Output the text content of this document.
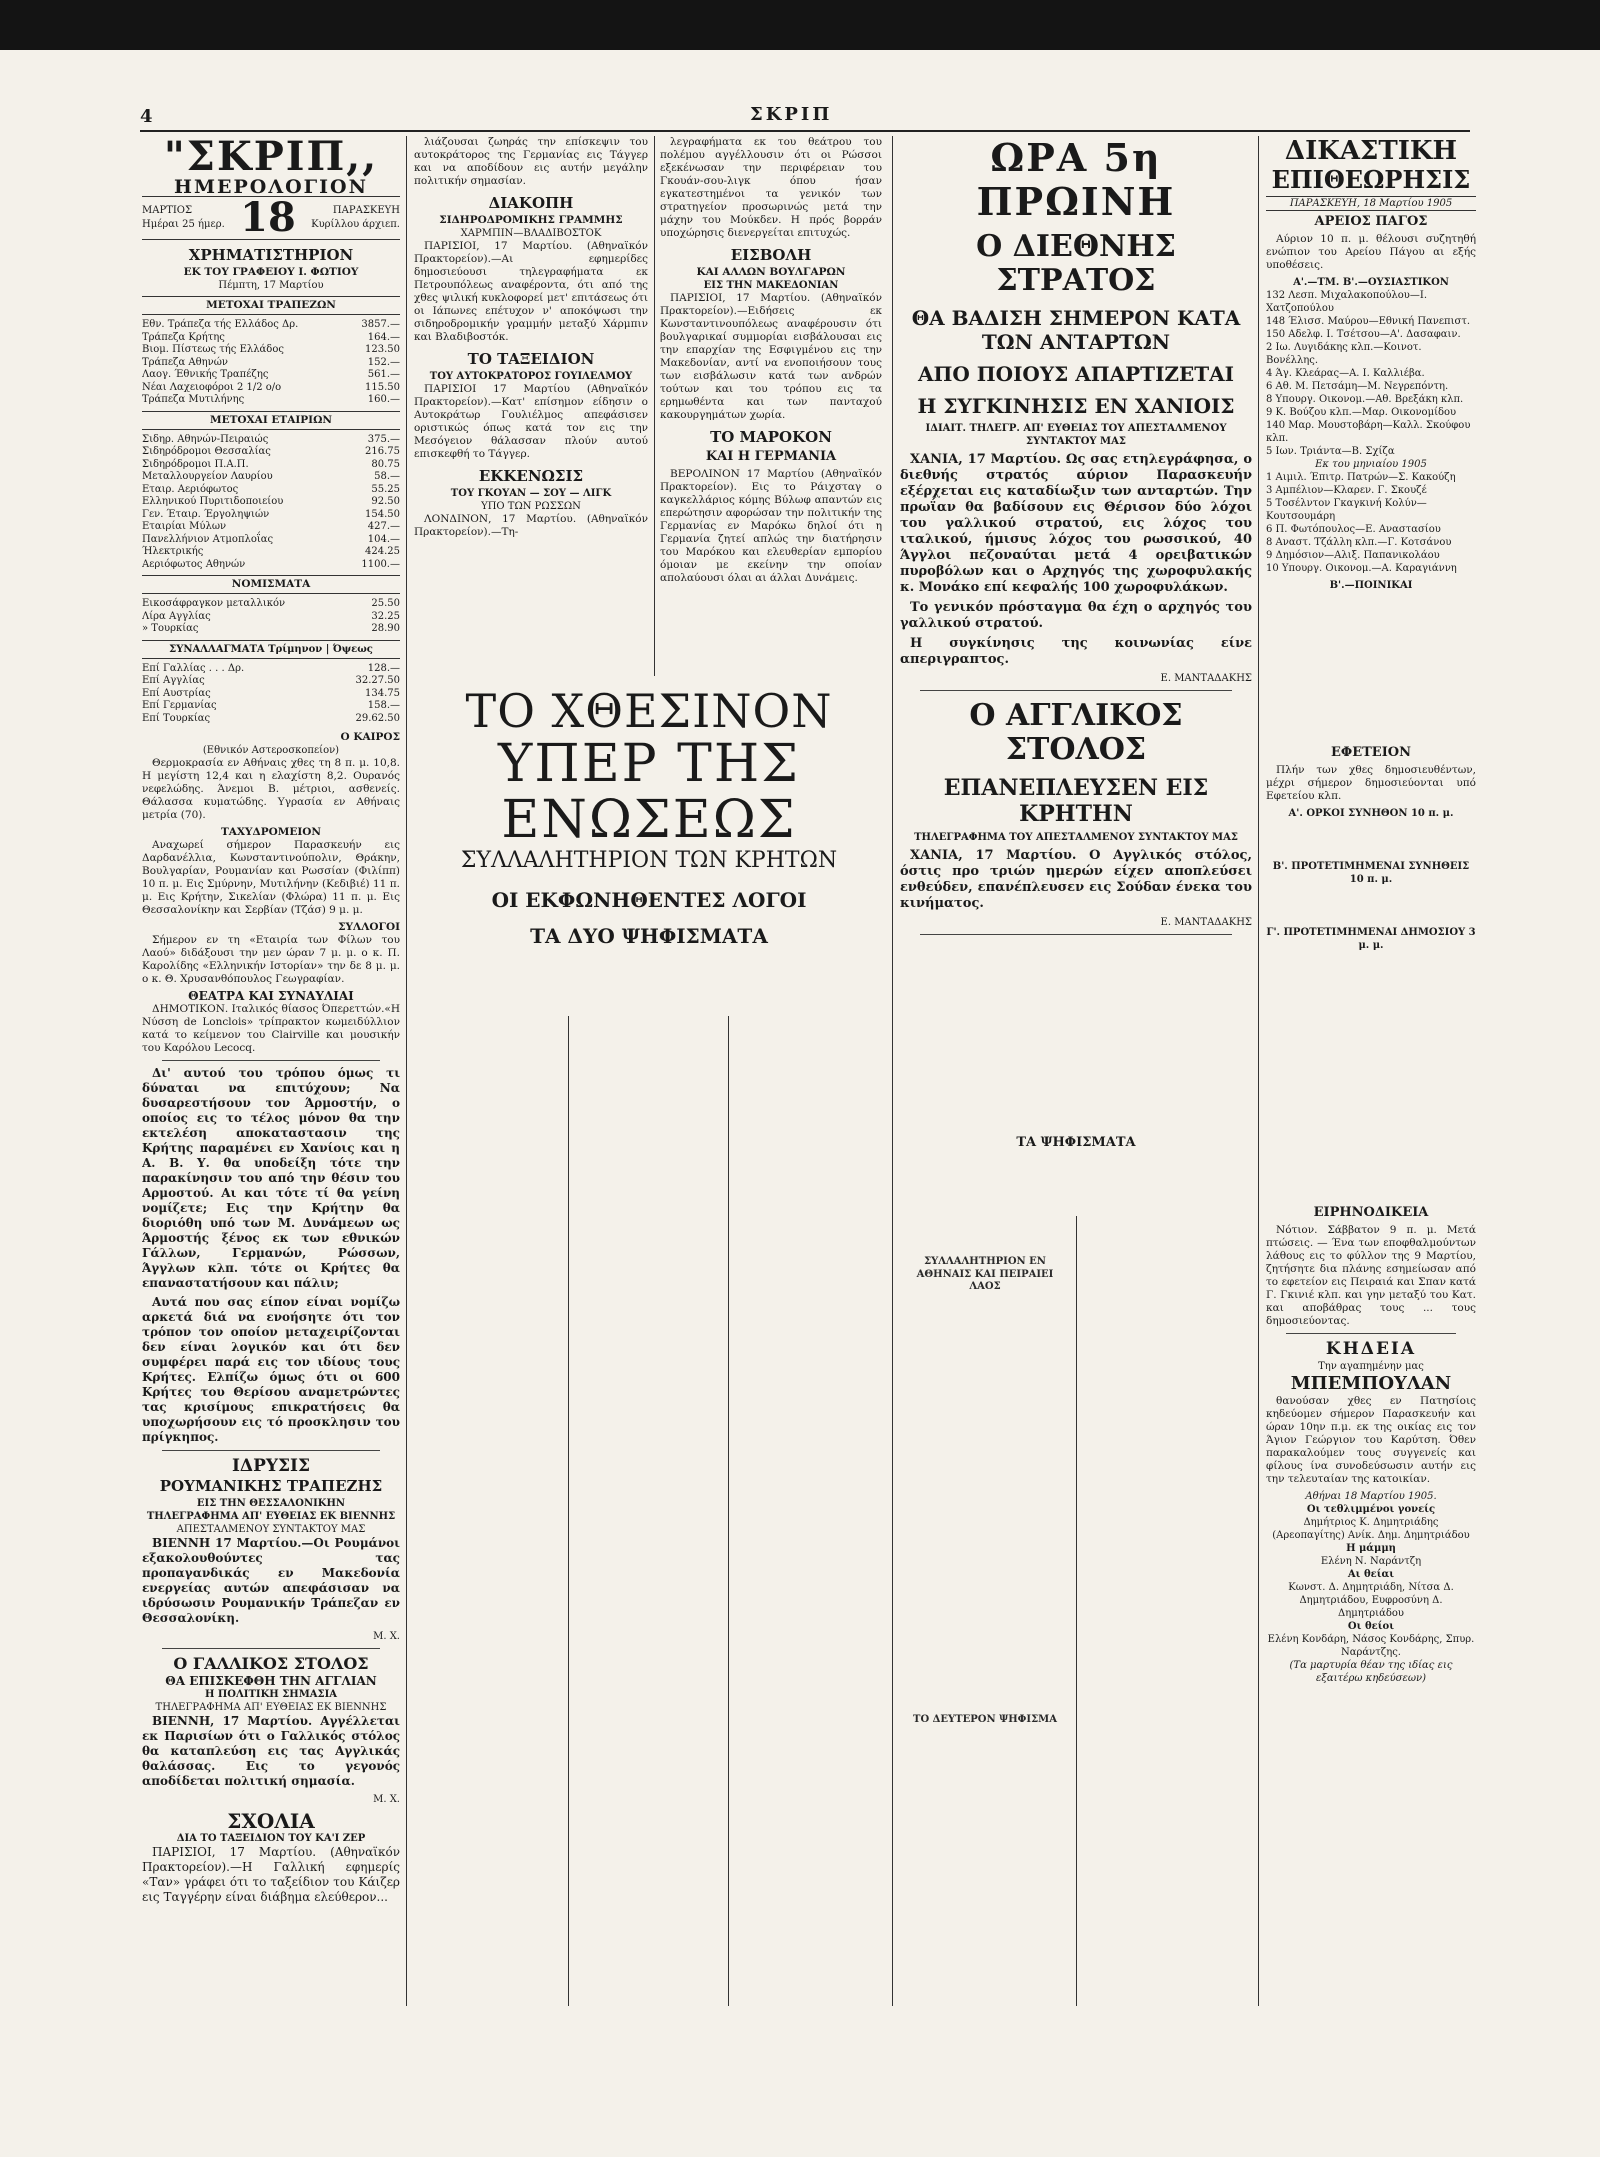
4	ΣΚΡΙΠ
"ΣΚΡΙΠ,,
ΗΜΕΡΟΛΟΓΙΟΝ
ΜΑΡΤΙΟΣ
Ημέραι 25 ήμερ. 18	ΠΑΡΑΣΚΕΥΗ
Κυρίλλου άρχιεπ.
ΧΡΗΜΑΤΙΣΤΗΡΙΟΝ
ΕΚ ΤΟΥ ΓΡΑΦΕΙΟΥ Ι. ΦΩΤΙΟΥ
Πέμπτη, 17 Μαρτίου
ΜΕΤΟΧΑΙ ΤΡΑΠΕΖΩΝ
Εθν. Τράπεζα τής Ελλάδος Δρ.	3857.—
Τράπεζα Κρήτης	164.—
Βιομ. Πίστεως τής Ελλάδος	123.50
Τράπεζα Αθηνών	152.—
Λαογ. Έθνικής Τραπέζης	561.—
Νέαι Λαχειοφόροι 2 1/2 ο/ο	115.50
Τράπεζα Μυτιλήνης	160.—
ΜΕΤΟΧΑΙ ΕΤΑΙΡΙΩΝ
Σιδηρ. Αθηνών-Πειραιώς	375.—
Σιδηρόδρομοι Θεσσαλίας	216.75
Σιδηρόδρομοι Π.Α.Π.	80.75
Μεταλλουργείον Λαυρίου	58.—
Εταιρ. Αεριόφωτος	55.25
Ελληνικού Πυριτιδοποιείου	92.50
Γεν. Έταιρ. Έργοληψιών	154.50
Εταιρίαι Μύλων	427.—
Πανελλήνιον Ατμοπλοΐας	104.—
Ήλεκτρικής	424.25
Αεριόφωτος Αθηνών	1100.—
ΝΟΜΙΣΜΑΤΑ
Εικοσάφραγκον μεταλλικόν	25.50
Λίρα Αγγλίας	32.25
» Τουρκίας	28.90
ΣΥΝΑΛΛΑΓΜΑΤΑ Τρίμηνον | Όψεως
Επί Γαλλίας . . . Δρ.	128.—
Επί Αγγλίας	32.27.50
Επί Αυστρίας	134.75
Επί Γερμανίας	158.—
Επί Τουρκίας	29.62.50
Ο ΚΑΙΡΟΣ
(Εθνικόν Αστεροσκοπείον)

Θερμοκρασία εν Αθήναις χθες τη 8 π. μ. 10,8. Η μεγίστη 12,4 και η ελαχίστη 8,2. Ουρανός νεφελώδης. Άνεμοι Β. μέτριοι, ασθενείς. Θάλασσα κυματώδης. Υγρασία εν Αθήναις μετρία (70).

ΤΑΧΥΔΡΟΜΕΙΟΝ

Αναχωρεί σήμερον Παρασκευήν εις Δαρδανέλλια, Κωνσταντινούπολιν, Θράκην, Βουλγαρίαν, Ρουμανίαν και Ρωσσίαν (Φιλίππ) 10 π. μ. Εις Σμύρνην, Μυτιλήνην (Κεδιβιέ) 11 π. μ. Εις Κρήτην, Σικελίαν (Φλώρα) 11 π. μ. Εις Θεσσαλονίκην και Σερβίαν (Τζάσ) 9 μ. μ.

ΣΥΛΛΟΓΟΙ

Σήμερον εν τη «Εταιρία των Φίλων του Λαού» διδάξουσι την μεν ώραν 7 μ. μ. ο κ. Π. Καρολίδης «Ελληνικήν Ιστορίαν» την δε 8 μ. μ. ο κ. Θ. Χρυσανθόπουλος Γεωγραφίαν.

ΘΕΑΤΡΑ ΚΑΙ ΣΥΝΑΥΛΙΑΙ

ΔΗΜΟΤΙΚΟΝ. Ιταλικός θίασος Όπερεττών.«Η Νύσση de Lonclois» τρίπρακτον κωμειδύλλιον κατά το κείμενον του Clairville και μουσικήν του Καρόλου Lecocq.

Δι' αυτού του τρόπου όμως τι δύναται να επιτύχουν; Να δυσαρεστήσουν τον Άρμοστήν, ο οποίος εις το τέλος μόνον θα την εκτελέση αποκαταστασιν της Κρήτης παραμένει εν Χανίοις και η Α. Β. Υ. θα υποδείξη τότε την παρακίνησιν του από την θέσιν του Αρμοστού. Αι και τότε τί θα γείνη νομίζετε; Εις την Κρήτην θα διοριόθη υπό των Μ. Δυνάμεων ως Άρμοστής ξένος εκ των εθνικών Γάλλων, Γερμανών, Ρώσσων, Άγγλων κλπ. τότε οι Κρήτες θα επαναστατήσουν και πάλιν;

Αυτά που σας είπον είναι νομίζω αρκετά διά να ενοήσητε ότι τον τρόπον τον οποίον μεταχειρίζονται δεν είναι λογικόν και ότι δεν συμφέρει παρά εις τον ιδίους τους Κρήτες. Ελπίζω όμως ότι οι 600 Κρήτες του Θερίσου αναμετρώντες τας κρισίμους επικρατήσεις θα υποχωρήσουν εις τό προσκλησιν του πρίγκηπος.

ΙΔΡΥΣΙΣ
ΡΟΥΜΑΝΙΚΗΣ ΤΡΑΠΕΖΗΣ
ΕΙΣ ΤΗΝ ΘΕΣΣΑΛΟΝΙΚΗΝ
ΤΗΛΕΓΡΑΦΗΜΑ ΑΠ' ΕΥΘΕΙΑΣ ΕΚ ΒΙΕΝΝΗΣ
ΑΠΕΣΤΑΛΜΕΝΟΥ ΣΥΝΤΑΚΤΟΥ ΜΑΣ

ΒΙΕΝΝΗ 17 Μαρτίου.—Οι Ρουμάνοι εξακολουθούντες τας προπαγανδικάς εν Μακεδονία ενεργείας αυτών απεφάσισαν να ιδρύσωσιν Ρουμανικήν Τράπεζαν εν Θεσσαλονίκη.

Μ. Χ.
Ο ΓΑΛΛΙΚΟΣ ΣΤΟΛΟΣ
ΘΑ ΕΠΙΣΚΕΦΘΗ ΤΗΝ ΑΓΓΛΙΑΝ
Η ΠΟΛΙΤΙΚΗ ΣΗΜΑΣΙΑ
ΤΗΛΕΓΡΑΦΗΜΑ ΑΠ' ΕΥΘΕΙΑΣ ΕΚ ΒΙΕΝΝΗΣ

ΒΙΕΝΝΗ, 17 Μαρτίου. Αγγέλλεται εκ Παρισίων ότι ο Γαλλικός στόλος θα καταπλεύση εις τας Αγγλικάς θαλάσσας. Εις το γεγονός αποδίδεται πολιτική σημασία.

Μ. Χ.
ΣΧΟΛΙΑ
ΔΙΑ ΤΟ ΤΑΞΕΙΔΙΟΝ ΤΟΥ ΚΑ'Ι ΖΕΡ

ΠΑΡΙΣΙΟΙ, 17 Μαρτίου. (Αθηναϊκόν Πρακτορείον).—Η Γαλλική εφημερίς «Ταν» γράφει ότι το ταξείδιον του Κάιζερ εις Ταγγέρην είναι διάβημα ελεύθερον...

λιάζουσαι ζωηράς την επίσκεψιν του αυτοκράτορος της Γερμανίας εις Τάγγερ και να αποδίδουν εις αυτήν μεγάλην πολιτικήν σημασίαν.

ΔΙΑΚΟΠΗ
ΣΙΔΗΡΟΔΡΟΜΙΚΗΣ ΓΡΑΜΜΗΣ
ΧΑΡΜΠΙΝ—ΒΛΑΔΙΒΟΣΤΟΚ

ΠΑΡΙΣΙΟΙ, 17 Μαρτίου. (Αθηναϊκόν Πρακτορείον).—Αι εφημερίδες δημοσιεύουσι τηλεγραφήματα εκ Πετρουπόλεως αναφέροντα, ότι από της χθες ψιλική κυκλοφορεί μετ' επιτάσεως ότι οι Ιάπωνες επέτυχον ν' αποκόψωσι την σιδηροδρομικήν γραμμήν μεταξύ Χάρμπιν και Βλαδιβοστόκ.

ΤΟ ΤΑΞΕΙΔΙΟΝ
ΤΟΥ ΑΥΤΟΚΡΑΤΟΡΟΣ ΓΟΥΙΛΕΛΜΟΥ

ΠΑΡΙΣΙΟΙ 17 Μαρτίου (Αθηναϊκόν Πρακτορείον).—Κατ' επίσημον είδησιν ο Αυτοκράτωρ Γουλιέλμος απεφάσισεν οριστικώς όπως κατά τον εις την Μεσόγειον θάλασσαν πλούν αυτού επισκεφθή το Τάγγερ.

ΕΚΚΕΝΩΣΙΣ
ΤΟΥ ΓΚΟΥΑΝ — ΣΟΥ — ΛΙΓΚ
ΥΠΟ ΤΩΝ ΡΩΣΣΩΝ

ΛΟΝΔΙΝΟΝ, 17 Μαρτίου. (Αθηναϊκόν Πρακτορείον).—Τη-

λεγραφήματα εκ του θεάτρου του πολέμου αγγέλλουσιν ότι οι Ρώσσοι εξεκένωσαν την περιφέρειαν του Γκουάν-σου-λιγκ όπου ήσαν εγκατεστημένοι τα γενικόν των στρατηγείον προσωρινώς μετά την μάχην του Μούκδεν. Η πρός βορράν υποχώρησις διενεργείται επιτυχώς.

ΕΙΣΒΟΛΗ
ΚΑΙ ΑΛΛΩΝ ΒΟΥΛΓΑΡΩΝ
ΕΙΣ ΤΗΝ ΜΑΚΕΔΟΝΙΑΝ

ΠΑΡΙΣΙΟΙ, 17 Μαρτίου. (Αθηναϊκόν Πρακτορείον).—Ειδήσεις εκ Κωνσταντινουπόλεως αναφέρουσιν ότι βουλγαρικαί συμμορίαι εισβάλουσαι εις την επαρχίαν της Εσφιγμένου εις την Μακεδονίαν, αντί να ενοποιήσουν τους των εισβάλωσιν κατά των ανδρών τούτων και του τρόπου εις τα ερημωθέντα και των πανταχού κακουργημάτων χωρία.

ΤΟ ΜΑΡΟΚΟΝ
ΚΑΙ Η ΓΕΡΜΑΝΙΑ

ΒΕΡΟΛΙΝΟΝ 17 Μαρτίου (Αθηναϊκόν Πρακτορείον). Εις το Ράιχσταγ ο καγκελλάριος κόμης Βύλωφ απαντών εις επερώτησιν αφορώσαν την πολιτικήν της Γερμανίας εν Μαρόκω δηλοί ότι η Γερμανία ζητεί απλώς την διατήρησιν του Μαρόκου και ελευθερίαν εμπορίου όμοιαν με εκείνην την οποίαν απολαύουσι όλαι αι άλλαι Δυνάμεις.

ΤΟ ΧΘΕΣΙΝΟΝ
ΥΠΕΡ ΤΗΣ ΕΝΩΣΕΩΣ
ΣΥΛΛΑΛΗΤΗΡΙΟΝ ΤΩΝ ΚΡΗΤΩΝ
ΟΙ ΕΚΦΩΝΗΘΕΝΤΕΣ ΛΟΓΟΙ
ΤΑ ΔΥΟ ΨΗΦΙΣΜΑΤΑ
ΩΡΑ 5η ΠΡΩΙΝΗ
Ο ΔΙΕΘΝΗΣ ΣΤΡΑΤΟΣ
ΘΑ ΒΑΔΙΣΗ ΣΗΜΕΡΟΝ ΚΑΤΑ ΤΩΝ ΑΝΤΑΡΤΩΝ
ΑΠΟ ΠΟΙΟΥΣ ΑΠΑΡΤΙΖΕΤΑΙ
Η ΣΥΓΚΙΝΗΣΙΣ ΕΝ ΧΑΝΙΟΙΣ
ΙΔΙΑΙΤ. ΤΗΛΕΓΡ. ΑΠ' ΕΥΘΕΙΑΣ ΤΟΥ ΑΠΕΣΤΑΛΜΕΝΟΥ ΣΥΝΤΑΚΤΟΥ ΜΑΣ

ΧΑΝΙΑ, 17 Μαρτίου. Ως σας ετηλεγράφησα, ο διεθνής στρατός αύριον Παρασκευήν εξέρχεται εις καταδίωξιν των ανταρτών. Την πρωΐαν θα βαδίσουν εις Θέρισον δύο λόχοι του γαλλικού στρατού, εις λόχος του ιταλικού, ήμισυς λόχος του ρωσσικού, 40 Άγγλοι πεζοναύται μετά 4 ορειβατικών πυροβόλων και ο Αρχηγός της χωροφυλακής κ. Μονάκο επί κεφαλής 100 χωροφυλάκων.

Το γενικόν πρόσταγμα θα έχη ο αρχηγός του γαλλικού στρατού.

Η συγκίνησις της κοινωνίας είνε απεριγραπτος.

Ε. ΜΑΝΤΑΔΑΚΗΣ
Ο ΑΓΓΛΙΚΟΣ ΣΤΟΛΟΣ
ΕΠΑΝΕΠΛΕΥΣΕΝ ΕΙΣ ΚΡΗΤΗΝ
ΤΗΛΕΓΡΑΦΗΜΑ ΤΟΥ ΑΠΕΣΤΑΛΜΕΝΟΥ ΣΥΝΤΑΚΤΟΥ ΜΑΣ

ΧΑΝΙΑ, 17 Μαρτίου. Ο Αγγλικός στόλος, όστις προ τριών ημερών είχεν αποπλεύσει ενθεύδεν, επανέπλευσεν εις Σούδαν ένεκα του κινήματος.

Ε. ΜΑΝΤΑΔΑΚΗΣ
ΤΑ ΨΗΦΙΣΜΑΤΑ
ΣΥΛΛΑΛΗΤΗΡΙΟΝ ΕΝ ΑΘΗΝΑΙΣ ΚΑΙ ΠΕΙΡΑΙΕΙ ΛΑΟΣ
ΤΟ ΔΕΥΤΕΡΟΝ ΨΗΦΙΣΜΑ
ΔΙΚΑΣΤΙΚΗ
ΕΠΙΘΕΩΡΗΣΙΣ
ΠΑΡΑΣΚΕΥΗ, 18 Μαρτίου 1905
ΑΡΕΙΟΣ ΠΑΓΟΣ

Αύριον 10 π. μ. θέλουσι συζητηθή ενώπιον του Αρείου Πάγου αι εξής υποθέσεις.

Α'.—ΤΜ. Β'.—ΟΥΣΙΑΣΤΙΚΟΝ
132 Λεσπ. Μιχαλακοπούλου—Ι. Χατζοπούλου
148 Έλισσ. Μαύρου—Εθνική Πανεπιστ.
150 Αδελφ. Ι. Τσέτσου—Α'. Δασαφαιν.
2 Ιω. Λυγιδάκης κλπ.—Κοινοτ. Βονέλλης.
4 Άγ. Κλεάρας—Α. Ι. Καλλιέβα.
6 Αθ. Μ. Πετσάμη—Μ. Νεγρεπόντη.
8 Υπουργ. Οικονομ.—Αθ. Βρεξάκη κλπ.
9 Κ. Βούζου κλπ.—Μαρ. Οικονομίδου
140 Μαρ. Μουστοβάρη—Καλλ. Σκούφου κλπ.
5 Ιων. Τριάντα—Β. Σχίζα
Εκ του μηνιαίου 1905
1 Αιμιλ. Έπιτρ. Πατρών—Σ. Κακούζη
3 Αμπέλιον—Κλαρεν. Γ. Σκουζέ
5 Τοσέλντον Γκαγκινή Κολύν—Κουτσουμάρη
6 Π. Φωτόπουλος—Ε. Αναστασίου
8 Αναστ. Τζάλλη κλπ.—Γ. Κοτσάνου
9 Δημόσιον—Αλιξ. Παπανικολάου
10 Υπουργ. Οικονομ.—Α. Καραγιάννη
Β'.—ΠΟΙΝΙΚΑΙ
ΕΦΕΤΕΙΟΝ

Πλήν των χθες δημοσιευθέντων, μέχρι σήμερον δημοσιεύονται υπό Εφετείου κλπ.

Α'. ΟΡΚΟΙ ΣΥΝΗΘΟΝ 10 π. μ.
Β'. ΠΡΟΤΕΤΙΜΗΜΕΝΑΙ ΣΥΝΗΘΕΙΣ 10 π. μ.
Γ'. ΠΡΟΤΕΤΙΜΗΜΕΝΑΙ ΔΗΜΟΣΙΟΥ 3 μ. μ.
ΕΙΡΗΝΟΔΙΚΕΙΑ

Νότιον. Σάββατον 9 π. μ. Μετά πτώσεις. — Ένα των εποφθαλμούντων λάθους εις το φύλλον της 9 Μαρτίου, ζητήσητε δια πλάνης εσημείωσαν από το εφετείον εις Πειραιά και Σπαν κατά Γ. Γκινιέ κλπ. και γην μεταξύ του Κατ. και αποβάθρας τους ... τους δημοσιεύοντας.

ΚΗΔΕΙΑ
Την αγαπημένην μας
ΜΠΕΜΠΟΥΛΑΝ

θανούσαν χθες εν Πατησίοις κηδεύομεν σήμερον Παρασκευήν και ώραν 10ην π.μ. εκ της οικίας εις τον Άγιον Γεώργιον του Καρύτση. Όθεν παρακαλούμεν τους συγγενείς και φίλους ίνα συνοδεύσωσιν αυτήν εις την τελευταίαν της κατοικίαν.

Αθήναι 18 Μαρτίου 1905.
Οι τεθλιμμένοι γονείς
Δημήτριος Κ. Δημητριάδης (Αρεοπαγίτης) Ανίκ. Δημ. Δημητριάδου
Η μάμμη
Ελένη Ν. Ναράντζη
Αι θείαι
Κωνστ. Δ. Δημητριάδη, Νίτσα Δ. Δημητριάδου, Ευφροσύνη Δ. Δημητριάδου
Οι θείοι
Ελένη Κονδάρη, Νάσος Κονδάρης, Σπυρ. Ναράντζης.
(Τα μαρτυρία θέαν της ιδίας εις εξαιτέρω κηδεύσεων)
